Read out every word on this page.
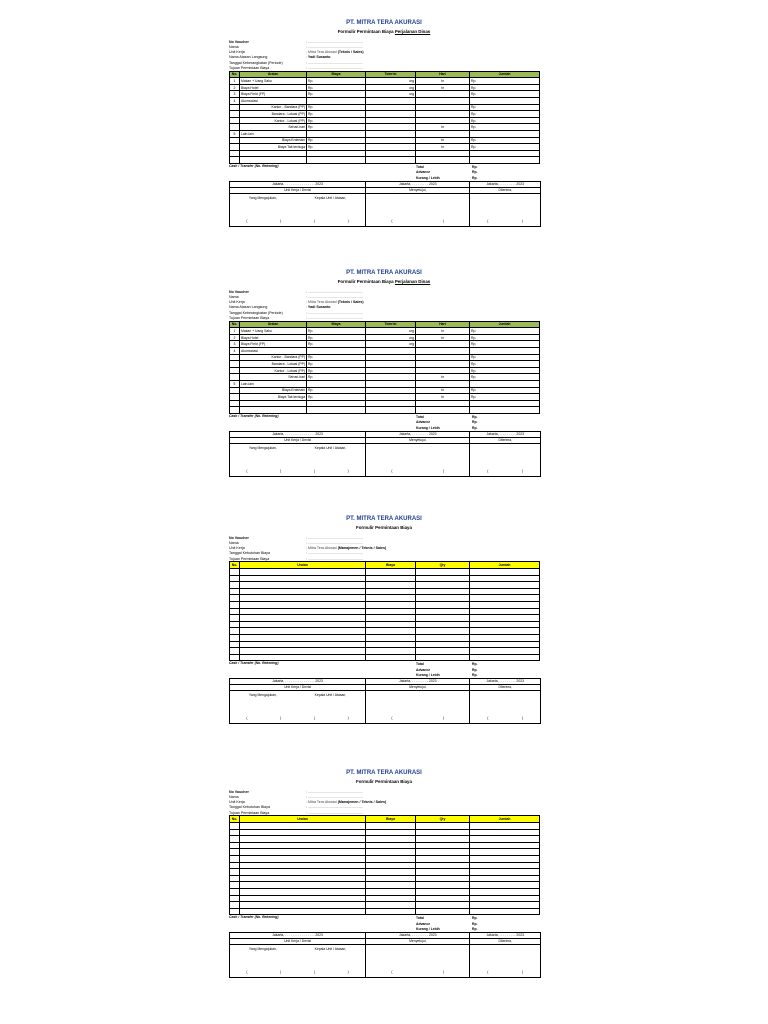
PT. MITRA TERA AKURASI
Formulir Permintaan Biaya Perjalanan Dinas
No Voucher	: .......................................................
Nama	: .......................................................
Unit Kerja	: Mitra Tera Akurasi (Teknis / Sales)
Nama Atasan Langsung	: Yadi Susanto
Tanggal Keberangkatan (Periode)	: .......................................................
Tujuan Permintaan Biaya	: .......................................................
No.	Uraian	Biaya	Tolerisi	Hari	Jumlah
1	Makan + Uang Saku	Rp.	org	hr	Rp.
2	Biaya Hotel	Rp.	org	hr	Rp.
3	Biaya Field (FP)	Rp.	org		Rp.
4	Akomodasi				
	Kantor - Bandara (PP)	Rp.			Rp.
	Bandara - Lokasi (PP)	Rp.			Rp.
	Kantor - Lokasi (PP)	Rp.			Rp.
	Sehari-hari	Rp.		hr	Rp.
5	Lain-lain				
	Biaya Entertain	Rp.		hr	Rp.
	Biaya Tak terduga	Rp.		hr	Rp.

Cash / Transfer (No. Rekening)	Total	Rp.
Advance	Rp.
Kurang / Lebih	Rp.
Jakarta, . . . . . . . . . . . . . . . . 2023
Unit Kerja / Devisi
Yang Mengajukan,	Kepala Unit / Atasan,
(	)	(	)
Jakarta, . . . . . . . . . 2023
Menyetujui,
(	)
Jakarta, . . . . . . . . . 2023
Diterima,
(	)
PT. MITRA TERA AKURASI
Formulir Permintaan Biaya Perjalanan Dinas
No Voucher	: .......................................................
Nama	: .......................................................
Unit Kerja	: Mitra Tera Akurasi (Teknis / Sales)
Nama Atasan Langsung	: Yadi Susanto
Tanggal Keberangkatan (Periode)	: .......................................................
Tujuan Permintaan Biaya	: .......................................................
No.	Uraian	Biaya	Tolerisi	Hari	Jumlah
1	Makan + Uang Saku	Rp.	org	hr	Rp.
2	Biaya Hotel	Rp.	org	hr	Rp.
3	Biaya Field (FP)	Rp.	org		Rp.
4	Akomodasi				
	Kantor - Bandara (PP)	Rp.			Rp.
	Bandara - Lokasi (PP)	Rp.			Rp.
	Kantor - Lokasi (PP)	Rp.			Rp.
	Sehari-hari	Rp.		hr	Rp.
5	Lain-lain				
	Biaya Entertain	Rp.		hr	Rp.
	Biaya Tak terduga	Rp.		hr	Rp.

Cash / Transfer (No. Rekening)	Total	Rp.
Advance	Rp.
Kurang / Lebih	Rp.
Jakarta, . . . . . . . . . . . . . . . . 2023
Unit Kerja / Devisi
Yang Mengajukan,	Kepala Unit / Atasan,
(	)	(	)
Jakarta, . . . . . . . . . 2023
Menyetujui,
(	)
Jakarta, . . . . . . . . . 2023
Diterima,
(	)
PT. MITRA TERA AKURASI
Formulir Permintaan Biaya
No Voucher	: .......................................................
Nama	: .......................................................
Unit Kerja	: Mitra Tera Akurasi (Manajemen / Teknis / Sales)
Tanggal Kebutuhan Biaya	: .......................................................
Tujuan Permintaan Biaya	: .......................................................
No.	Uraian	Biaya	Qty	Jumlah

Cash / Transfer (No. Rekening)	Total	Rp.
Advance	Rp.
Kurang / Lebih	Rp.
Jakarta, . . . . . . . . . . . . . . . . 2023
Unit Kerja / Devisi
Yang Mengajukan,	Kepala Unit / Atasan,
(	)	(	)
Jakarta, . . . . . . . . . 2023
Menyetujui,
(	)
Jakarta, . . . . . . . . . 2023
Diterima,
(	)
PT. MITRA TERA AKURASI
Formulir Permintaan Biaya
No Voucher	: .......................................................
Nama	: .......................................................
Unit Kerja	: Mitra Tera Akurasi (Manajemen / Teknis / Sales)
Tanggal Kebutuhan Biaya	: .......................................................
Tujuan Permintaan Biaya	: .......................................................
No.	Uraian	Biaya	Qty	Jumlah

Cash / Transfer (No. Rekening)	Total	Rp.
Advance	Rp.
Kurang / Lebih	Rp.
Jakarta, . . . . . . . . . . . . . . . . 2023
Unit Kerja / Devisi
Yang Mengajukan,	Kepala Unit / Atasan,
(	)	(	)
Jakarta, . . . . . . . . . 2023
Menyetujui,
(	)
Jakarta, . . . . . . . . . 2023
Diterima,
(	)
